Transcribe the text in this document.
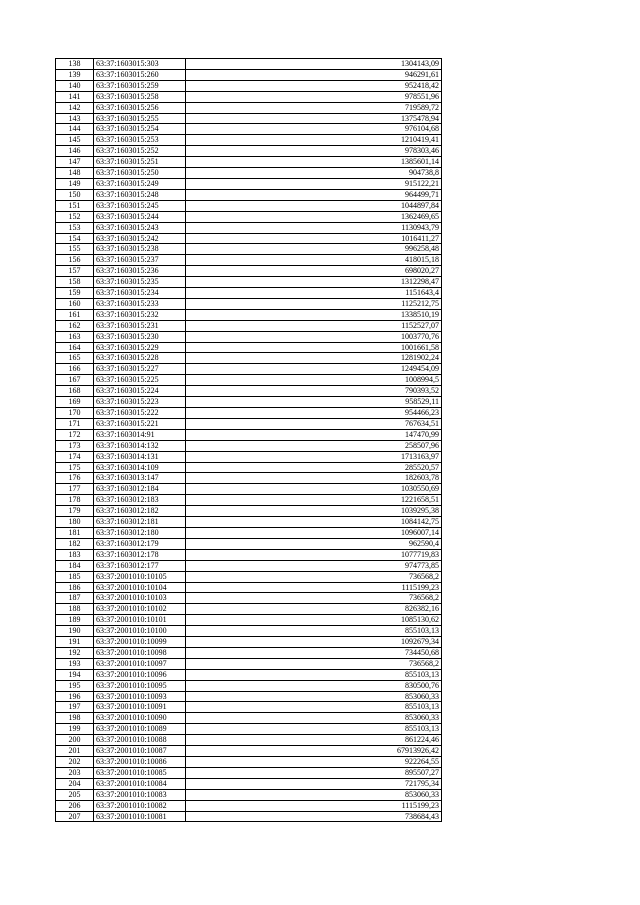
138	63:37:1603015:303	1304143,09
139	63:37:1603015:260	946291,61
140	63:37:1603015:259	952418,42
141	63:37:1603015:258	978551,96
142	63:37:1603015:256	719589,72
143	63:37:1603015:255	1375478,94
144	63:37:1603015:254	976104,68
145	63:37:1603015:253	1210419,41
146	63:37:1603015:252	978303,46
147	63:37:1603015:251	1385601,14
148	63:37:1603015:250	904738,8
149	63:37:1603015:249	915122,21
150	63:37:1603015:248	964499,71
151	63:37:1603015:245	1044897,84
152	63:37:1603015:244	1362469,65
153	63:37:1603015:243	1130943,79
154	63:37:1603015:242	1016411,27
155	63:37:1603015:238	996258,48
156	63:37:1603015:237	418015,18
157	63:37:1603015:236	698020,27
158	63:37:1603015:235	1312298,47
159	63:37:1603015:234	1151643,4
160	63:37:1603015:233	1125212,75
161	63:37:1603015:232	1338510,19
162	63:37:1603015:231	1152527,07
163	63:37:1603015:230	1003770,76
164	63:37:1603015:229	1001661,58
165	63:37:1603015:228	1281902,24
166	63:37:1603015:227	1249454,09
167	63:37:1603015:225	1008994,5
168	63:37:1603015:224	790393,52
169	63:37:1603015:223	958529,11
170	63:37:1603015:222	954466,23
171	63:37:1603015:221	767634,51
172	63:37:1603014:91	147470,99
173	63:37:1603014:132	258507,96
174	63:37:1603014:131	1713163,97
175	63:37:1603014:109	285520,57
176	63:37:1603013:147	182603,78
177	63:37:1603012:184	1030550,69
178	63:37:1603012:183	1221658,51
179	63:37:1603012:182	1039295,38
180	63:37:1603012:181	1084142,75
181	63:37:1603012:180	1096007,14
182	63:37:1603012:179	962590,4
183	63:37:1603012:178	1077719,83
184	63:37:1603012:177	974773,85
185	63:37:2001010:10105	736568,2
186	63:37:2001010:10104	1115199,23
187	63:37:2001010:10103	736568,2
188	63:37:2001010:10102	826382,16
189	63:37:2001010:10101	1085130,62
190	63:37:2001010:10100	855103,13
191	63:37:2001010:10099	1092679,34
192	63:37:2001010:10098	734450,68
193	63:37:2001010:10097	736568,2
194	63:37:2001010:10096	855103,13
195	63:37:2001010:10095	830500,76
196	63:37:2001010:10093	853060,33
197	63:37:2001010:10091	855103,13
198	63:37:2001010:10090	853060,33
199	63:37:2001010:10089	855103,13
200	63:37:2001010:10088	861224,46
201	63:37:2001010:10087	67913926,42
202	63:37:2001010:10086	922264,55
203	63:37:2001010:10085	895507,27
204	63:37:2001010:10084	721795,34
205	63:37:2001010:10083	853060,33
206	63:37:2001010:10082	1115199,23
207	63:37:2001010:10081	738684,43
